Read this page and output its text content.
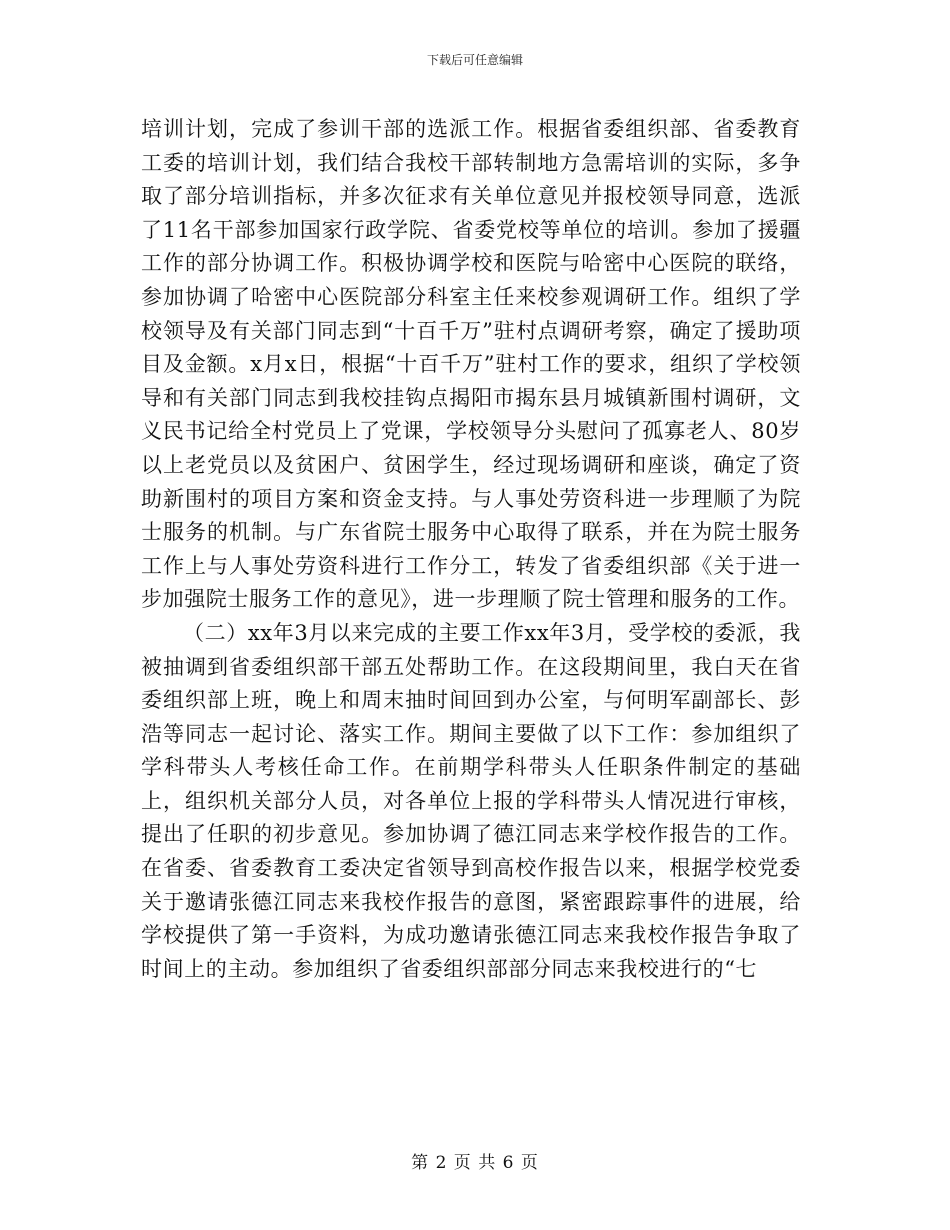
下载后可任意编辑

培训计划，完成了参训干部的选派工作。根据省委组织部、省委教育工委的培训计划，我们结合我校干部转制地方急需培训的实际，多争取了部分培训指标，并多次征求有关单位意见并报校领导同意，选派了11名干部参加国家行政学院、省委党校等单位的培训。参加了援疆工作的部分协调工作。积极协调学校和医院与哈密中心医院的联络，参加协调了哈密中心医院部分科室主任来校参观调研工作。组织了学校领导及有关部门同志到“十百千万”驻村点调研考察，确定了援助项目及金额。x月x日，根据“十百千万”驻村工作的要求，组织了学校领导和有关部门同志到我校挂钩点揭阳市揭东县月城镇新围村调研，文义民书记给全村党员上了党课，学校领导分头慰问了孤寡老人、80岁以上老党员以及贫困户、贫困学生，经过现场调研和座谈，确定了资助新围村的项目方案和资金支持。与人事处劳资科进一步理顺了为院士服务的机制。与广东省院士服务中心取得了联系，并在为院士服务工作上与人事处劳资科进行工作分工，转发了省委组织部《关于进一步加强院士服务工作的意见》，进一步理顺了院士管理和服务的工作。

（二）xx年3月以来完成的主要工作xx年3月，受学校的委派，我被抽调到省委组织部干部五处帮助工作。在这段期间里，我白天在省委组织部上班，晚上和周末抽时间回到办公室，与何明军副部长、彭浩等同志一起讨论、落实工作。期间主要做了以下工作：参加组织了学科带头人考核任命工作。在前期学科带头人任职条件制定的基础上，组织机关部分人员，对各单位上报的学科带头人情况进行审核，提出了任职的初步意见。参加协调了德江同志来学校作报告的工作。在省委、省委教育工委决定省领导到高校作报告以来，根据学校党委关于邀请张德江同志来我校作报告的意图，紧密跟踪事件的进展，给学校提供了第一手资料，为成功邀请张德江同志来我校作报告争取了时间上的主动。参加组织了省委组织部部分同志来我校进行的“七

第 2 页 共 6 页
